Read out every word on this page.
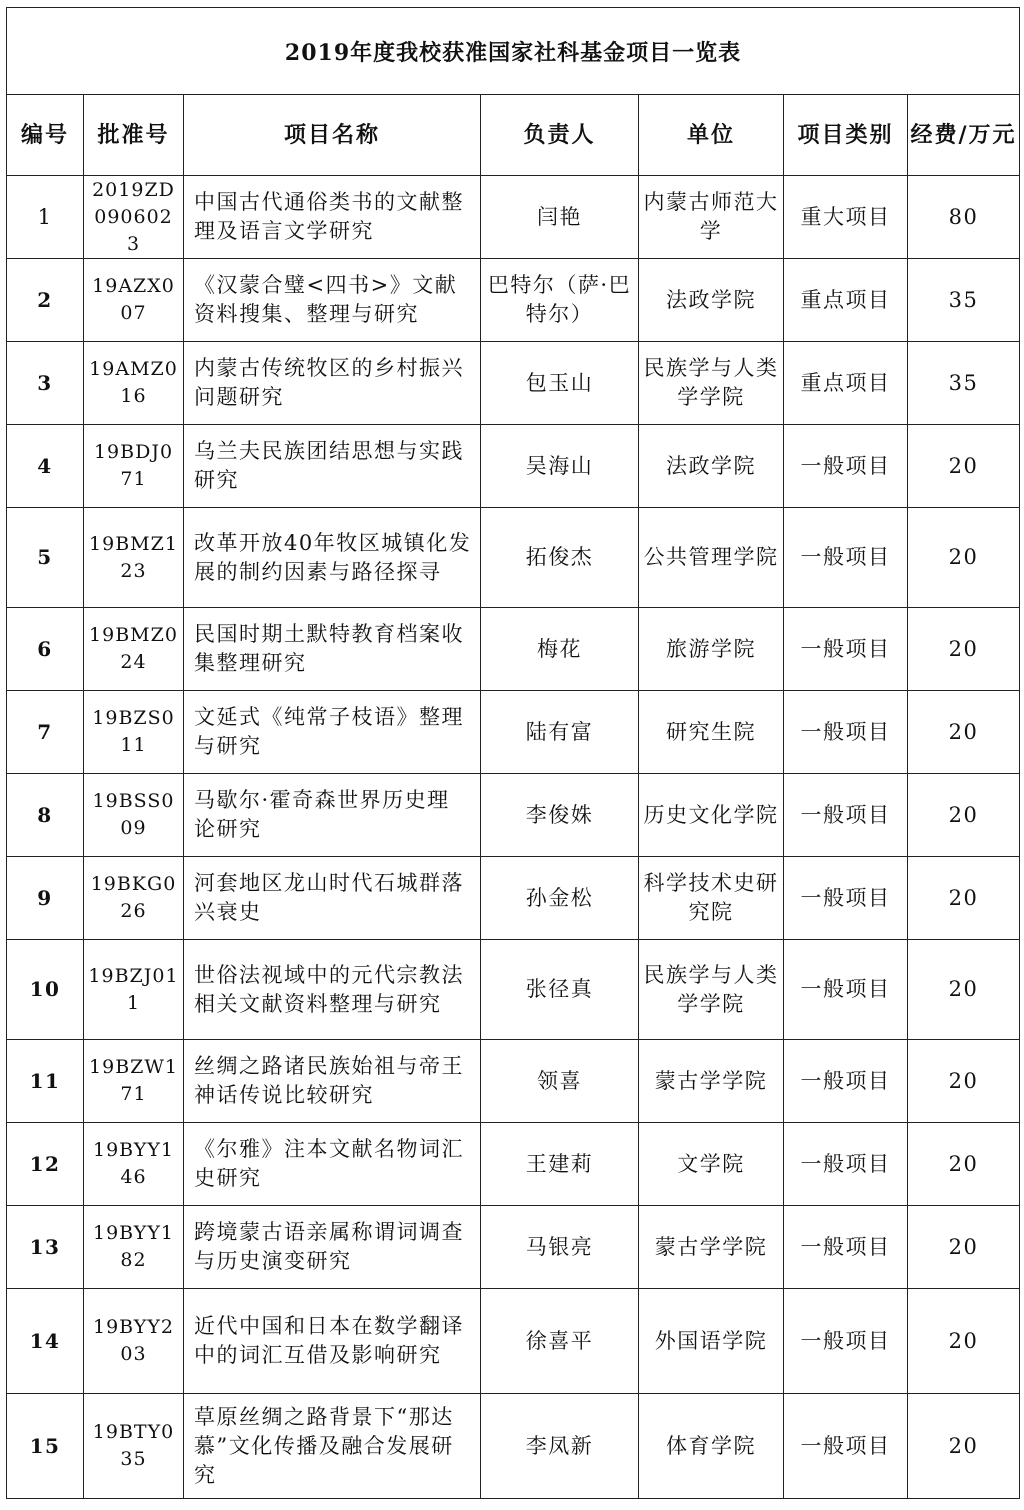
2019年度我校获准国家社科基金项目一览表						
编号	批准号	项目名称	负责人	单位	项目类别	经费/万元
1	2019ZD0906023	中国古代通俗类书的文献整理及语言文学研究	闫艳	内蒙古师范大学	重大项目	80
2	19AZX007	《汉蒙合璧<四书>》文献资料搜集、整理与研究	巴特尔（萨·巴特尔）	法政学院	重点项目	35
3	19AMZ016	内蒙古传统牧区的乡村振兴问题研究	包玉山	民族学与人类学学院	重点项目	35
4	19BDJ071	乌兰夫民族团结思想与实践研究	吴海山	法政学院	一般项目	20
5	19BMZ123	改革开放40年牧区城镇化发展的制约因素与路径探寻	拓俊杰	公共管理学院	一般项目	20
6	19BMZ024	民国时期土默特教育档案收集整理研究	梅花	旅游学院	一般项目	20
7	19BZS011	文延式《纯常子枝语》整理与研究	陆有富	研究生院	一般项目	20
8	19BSS009	马歇尔·霍奇森世界历史理论研究	李俊姝	历史文化学院	一般项目	20
9	19BKG026	河套地区龙山时代石城群落兴衰史	孙金松	科学技术史研究院	一般项目	20
10	19BZJ011	世俗法视域中的元代宗教法相关文献资料整理与研究	张径真	民族学与人类学学院	一般项目	20
11	19BZW171	丝绸之路诸民族始祖与帝王神话传说比较研究	领喜	蒙古学学院	一般项目	20
12	19BYY146	《尔雅》注本文献名物词汇史研究	王建莉	文学院	一般项目	20
13	19BYY182	跨境蒙古语亲属称谓词调查与历史演变研究	马银亮	蒙古学学院	一般项目	20
14	19BYY203	近代中国和日本在数学翻译中的词汇互借及影响研究	徐喜平	外国语学院	一般项目	20
15	19BTY035	草原丝绸之路背景下“那达慕”文化传播及融合发展研究	李凤新	体育学院	一般项目	20
